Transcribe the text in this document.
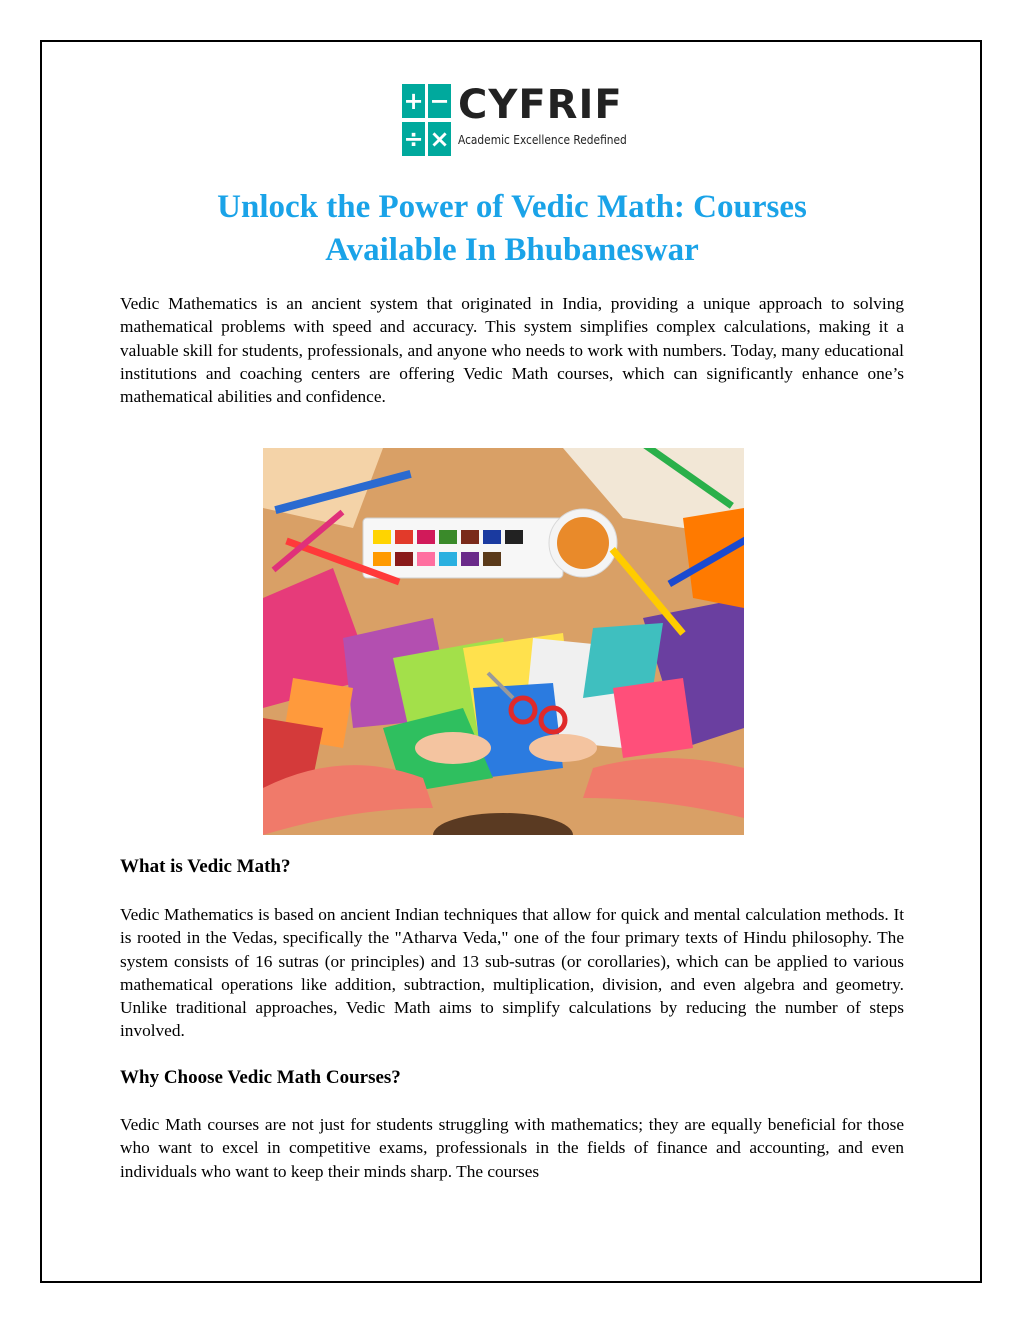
+ −
÷ ×
CYFRIF
Academic Excellence Redefined
Unlock the Power of Vedic Math: Courses
Available In Bhubaneswar

Vedic Mathematics is an ancient system that originated in India, providing a unique approach to solving mathematical problems with speed and accuracy. This system simplifies complex calculations, making it a valuable skill for students, professionals, and anyone who needs to work with numbers. Today, many educational institutions and coaching centers are offering Vedic Math courses, which can significantly enhance one’s mathematical abilities and confidence.

What is Vedic Math?

Vedic Mathematics is based on ancient Indian techniques that allow for quick and mental calculation methods. It is rooted in the Vedas, specifically the "Atharva Veda," one of the four primary texts of Hindu philosophy. The system consists of 16 sutras (or principles) and 13 sub-sutras (or corollaries), which can be applied to various mathematical operations like addition, subtraction, multiplication, division, and even algebra and geometry. Unlike traditional approaches, Vedic Math aims to simplify calculations by reducing the number of steps involved.

Why Choose Vedic Math Courses?

Vedic Math courses are not just for students struggling with mathematics; they are equally beneficial for those who want to excel in competitive exams, professionals in the fields of finance and accounting, and even individuals who want to keep their minds sharp. The courses
